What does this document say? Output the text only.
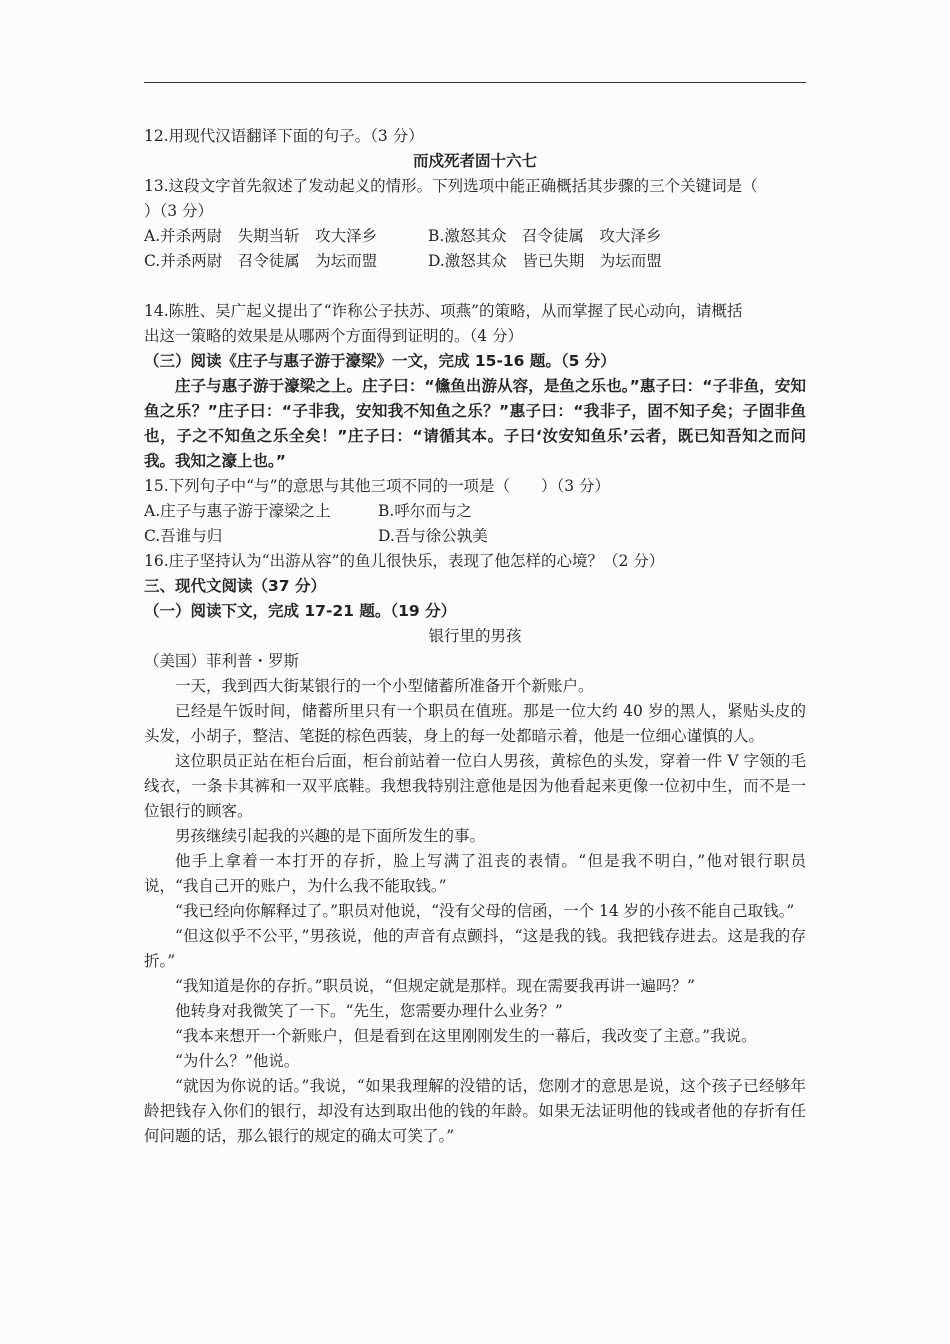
12.用现代汉语翻译下面的句子。（3 分）

而戍死者固十六七

13.这段文字首先叙述了发动起义的情形。下列选项中能正确概括其步骤的三个关键词是（

）（3 分）

A.并杀两尉　失期当斩　攻大泽乡	B.激怒其众　召令徒属　攻大泽乡

C.并杀两尉　召令徒属　为坛而盟	D.激怒其众　皆已失期　为坛而盟

14.陈胜、吴广起义提出了“诈称公子扶苏、项燕”的策略，从而掌握了民心动向，请概括

出这一策略的效果是从哪两个方面得到证明的。（4 分）

（三）阅读《庄子与惠子游于濠梁》一文，完成 15-16 题。（5 分）

庄子与惠子游于濠梁之上。庄子曰：“儵鱼出游从容，是鱼之乐也。”惠子曰：“子非鱼，安知鱼之乐？”庄子曰：“子非我，安知我不知鱼之乐？”惠子曰：“我非子，固不知子矣；子固非鱼也，子之不知鱼之乐全矣！”庄子曰：“请循其本。子曰‘汝安知鱼乐’云者，既已知吾知之而问我。我知之濠上也。”

15.下列句子中“与”的意思与其他三项不同的一项是（　　）（3 分）

A.庄子与惠子游于濠梁之上	B.呼尔而与之

C.吾谁与归	D.吾与徐公孰美

16.庄子坚持认为“出游从容”的鱼儿很快乐，表现了他怎样的心境？（2 分）

三、现代文阅读（37 分）

（一）阅读下文，完成 17-21 题。（19 分）

银行里的男孩

（美国）菲利普・罗斯

一天，我到西大街某银行的一个小型储蓄所准备开个新账户。

已经是午饭时间，储蓄所里只有一个职员在值班。那是一位大约 40 岁的黑人，紧贴头皮的头发，小胡子，整洁、笔挺的棕色西装，身上的每一处都暗示着，他是一位细心谨慎的人。

这位职员正站在柜台后面，柜台前站着一位白人男孩，黄棕色的头发，穿着一件 V 字领的毛线衣，一条卡其裤和一双平底鞋。我想我特别注意他是因为他看起来更像一位初中生，而不是一位银行的顾客。

男孩继续引起我的兴趣的是下面所发生的事。

他手上拿着一本打开的存折，脸上写满了沮丧的表情。“但是我不明白，”他对银行职员说，“我自己开的账户，为什么我不能取钱。”

“我已经向你解释过了。”职员对他说，“没有父母的信函，一个 14 岁的小孩不能自己取钱。”

“但这似乎不公平，”男孩说，他的声音有点颤抖，“这是我的钱。我把钱存进去。这是我的存折。”

“我知道是你的存折。”职员说，“但规定就是那样。现在需要我再讲一遍吗？”

他转身对我微笑了一下。“先生，您需要办理什么业务？”

“我本来想开一个新账户，但是看到在这里刚刚发生的一幕后，我改变了主意。”我说。

“为什么？”他说。

“就因为你说的话。”我说，“如果我理解的没错的话，您刚才的意思是说，这个孩子已经够年龄把钱存入你们的银行，却没有达到取出他的钱的年龄。如果无法证明他的钱或者他的存折有任何问题的话，那么银行的规定的确太可笑了。”
